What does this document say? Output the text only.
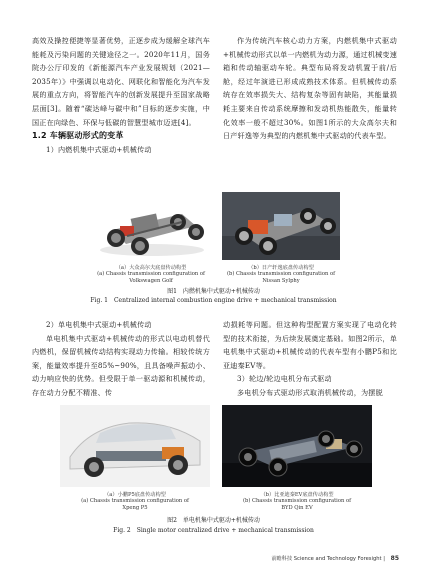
高效及操控便捷等显著优势，正逐步成为缓解全球汽车能耗及污染问题的关键途径之一。2020年11月，国务院办公厅印发的《新能源汽车产业发展规划（2021—2035年）》中强调以电动化、网联化和智能化为汽车发展的重点方向，将智能汽车的创新发展提升至国家战略层面[3]。随着“碳达峰与碳中和”目标的逐步实施，中国正在向绿色、环保与低碳的智慧型城市迈进[4]。

1.2 车辆驱动形式的变革

1）内燃机集中式驱动+机械传动

作为传统汽车核心动力方案，内燃机集中式驱动+机械传动形式以单一内燃机为动力源，通过机械变速箱和传动轴驱动车轮。典型布局将发动机置于前/后舱，经过年演进已形成成熟技术体系。但机械传动系统存在效率损失大、结构复杂等固有缺陷，其能量损耗主要来自传动系统摩擦和发动机热能散失，能量转化效率一般不超过30%。如图1所示的大众高尔夫和日产轩逸等为典型的内燃机集中式驱动的代表车型。

（a）大众高尔夫底盘传动构型
(a) Chassis transmission configuration of
Volkswagen Golf
（b）日产轩逸底盘传动构型
(b) Chassis transmission configuration of
Nissan Sylphy
图1　内燃机集中式驱动+机械传动
Fig. 1　Centralized internal combustion engine drive + mechanical transmission

2）单电机集中式驱动+机械传动

单电机集中式驱动+机械传动的形式以电动机替代内燃机，保留机械传动结构实现动力传输。相较传统方案，能量效率提升至85%~90%，且具备噪声振动小、动力响应快的优势。但受限于单一驱动源和机械传动，存在动力分配不精准、传

动损耗等问题。但这种构型配置方案实现了电动化转型的技术衔接，为后续发展奠定基础。如图2所示，单电机集中式驱动+机械传动的代表车型有小鹏P5和比亚迪秦EV等。

3）轮边/轮边电机分布式驱动

多电机分布式驱动形式取消机械传动，为摆脱

（a）小鹏P5底盘传动构型
(a) Chassis transmission configuration of
Xpeng P5
（b）比亚迪秦EV底盘传动构型
(b) Chassis transmission configuration of
BYD Qin EV
图2　单电机集中式驱动+机械传动
Fig. 2　Single motor centralized drive + mechanical transmission
前瞻科技 Science and Technology Foresight | 85
